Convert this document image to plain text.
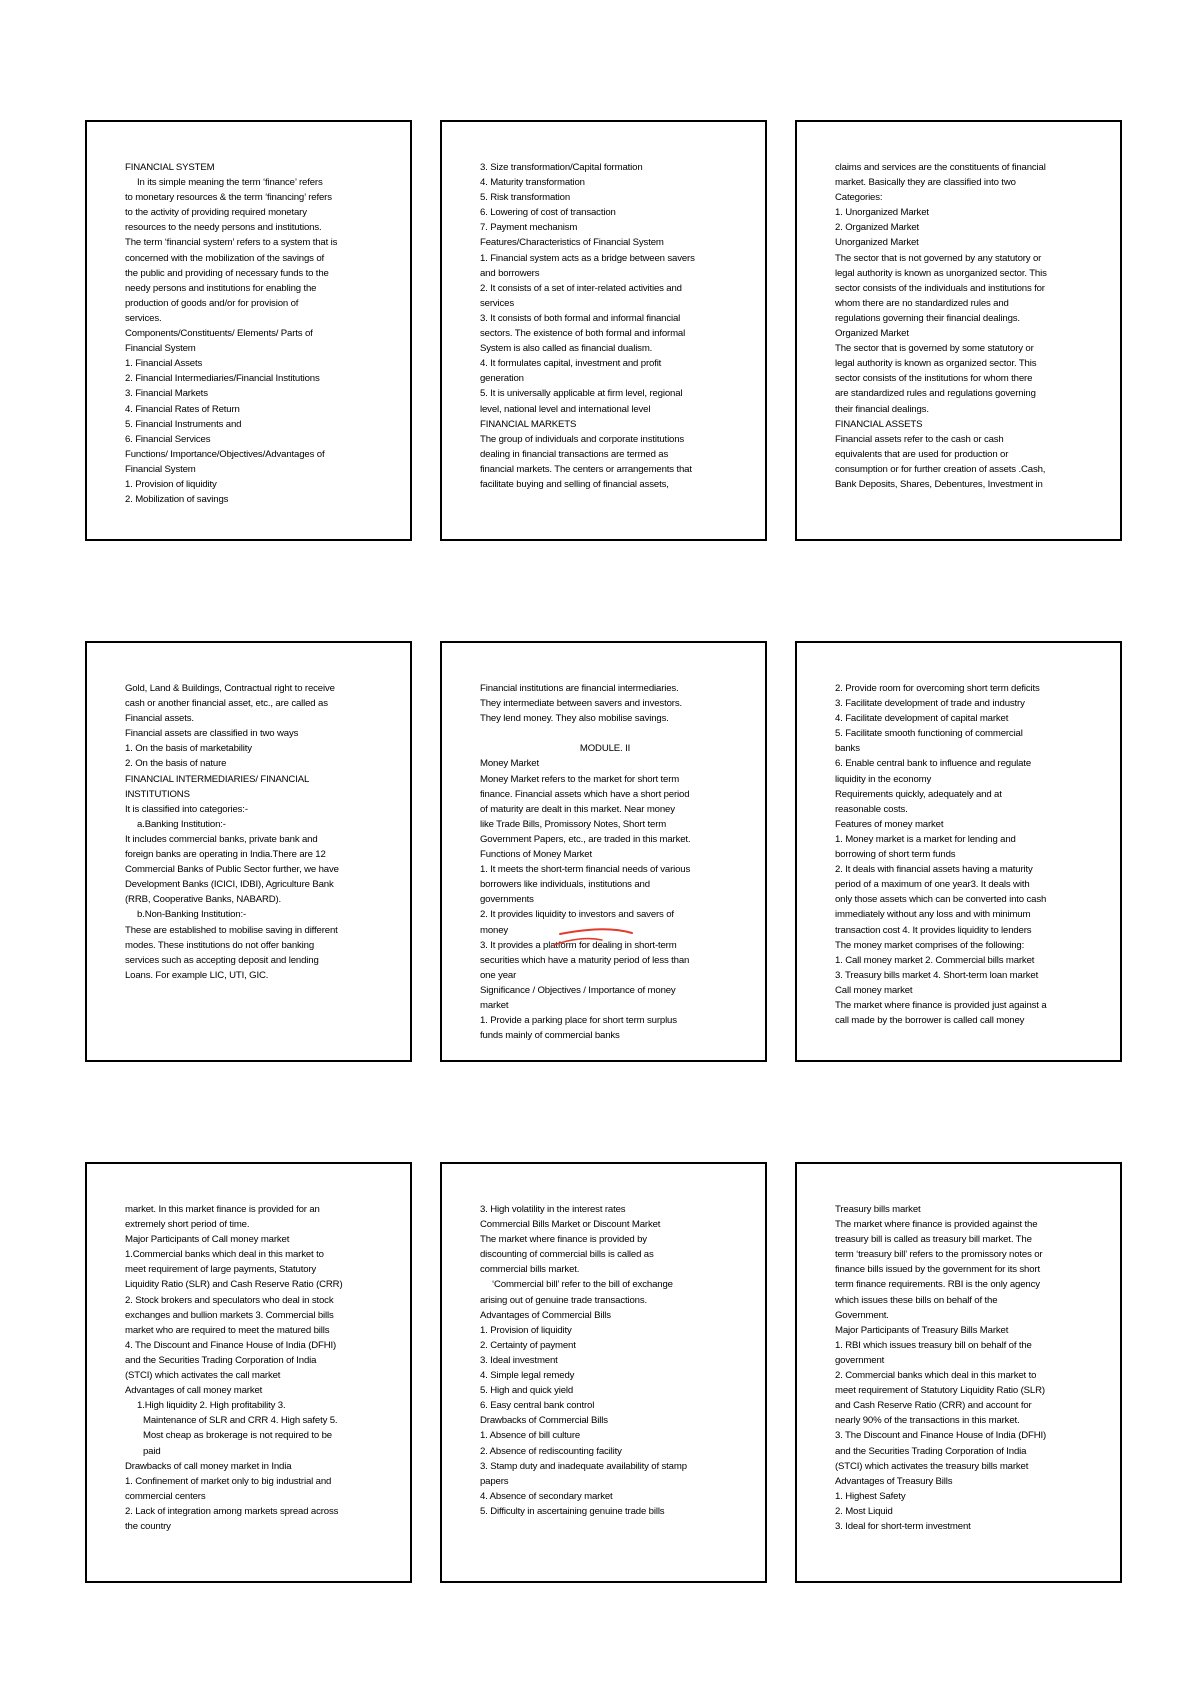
FINANCIAL SYSTEM
In its simple meaning the term ‘finance’ refers
to monetary resources & the term ‘financing’ refers
to the activity of providing required monetary
resources to the needy persons and institutions.
The term ‘financial system’ refers to a system that is
concerned with the mobilization of the savings of
the public and providing of necessary funds to the
needy persons and institutions for enabling the
production of goods and/or for provision of
services.
Components/Constituents/ Elements/ Parts of
Financial System
1. Financial Assets
2. Financial Intermediaries/Financial Institutions
3. Financial Markets
4. Financial Rates of Return
5. Financial Instruments and
6. Financial Services
Functions/ Importance/Objectives/Advantages of
Financial System
1. Provision of liquidity
2. Mobilization of savings
3. Size transformation/Capital formation
4. Maturity transformation
5. Risk transformation
6. Lowering of cost of transaction
7. Payment mechanism
Features/Characteristics of Financial System
1. Financial system acts as a bridge between savers
and borrowers
2. It consists of a set of inter-related activities and
services
3. It consists of both formal and informal financial
sectors. The existence of both formal and informal
System is also called as financial dualism.
4. It formulates capital, investment and profit
generation
5. It is universally applicable at firm level, regional
level, national level and international level
FINANCIAL MARKETS
The group of individuals and corporate institutions
dealing in financial transactions are termed as
financial markets. The centers or arrangements that
facilitate buying and selling of financial assets,
claims and services are the constituents of financial
market. Basically they are classified into two
Categories:
1. Unorganized Market
2. Organized Market
Unorganized Market
The sector that is not governed by any statutory or
legal authority is known as unorganized sector. This
sector consists of the individuals and institutions for
whom there are no standardized rules and
regulations governing their financial dealings.
Organized Market
The sector that is governed by some statutory or
legal authority is known as organized sector. This
sector consists of the institutions for whom there
are standardized rules and regulations governing
their financial dealings.
FINANCIAL ASSETS
Financial assets refer to the cash or cash
equivalents that are used for production or
consumption or for further creation of assets .Cash,
Bank Deposits, Shares, Debentures, Investment in
Gold, Land & Buildings, Contractual right to receive
cash or another financial asset, etc., are called as
Financial assets.
Financial assets are classified in two ways
1. On the basis of marketability
2. On the basis of nature
FINANCIAL INTERMEDIARIES/ FINANCIAL
INSTITUTIONS
It is classified into categories:-
a.Banking Institution:-
It includes commercial banks, private bank and
foreign banks are operating in India.There are 12
Commercial Banks of Public Sector further, we have
Development Banks (ICICI, IDBI), Agriculture Bank
(RRB, Cooperative Banks, NABARD).
b.Non-Banking Institution:-
These are established to mobilise saving in different
modes. These institutions do not offer banking
services such as accepting deposit and lending
Loans. For example LIC, UTI, GIC.
Financial institutions are financial intermediaries.
They intermediate between savers and investors.
They lend money. They also mobilise savings.

MODULE. II
Money Market
Money Market refers to the market for short term
finance. Financial assets which have a short period
of maturity are dealt in this market. Near money
like Trade Bills, Promissory Notes, Short term
Government Papers, etc., are traded in this market.
Functions of Money Market
1. It meets the short-term financial needs of various
borrowers like individuals, institutions and
governments
2. It provides liquidity to investors and savers of
money
3. It provides a platform for dealing in short-term
securities which have a maturity period of less than
one year
Significance / Objectives / Importance of money
market
1. Provide a parking place for short term surplus
funds mainly of commercial banks
2. Provide room for overcoming short term deficits
3. Facilitate development of trade and industry
4. Facilitate development of capital market
5. Facilitate smooth functioning of commercial
banks
6. Enable central bank to influence and regulate
liquidity in the economy
Requirements quickly, adequately and at
reasonable costs.
Features of money market
1. Money market is a market for lending and
borrowing of short term funds
2. It deals with financial assets having a maturity
period of a maximum of one year3. It deals with
only those assets which can be converted into cash
immediately without any loss and with minimum
transaction cost 4. It provides liquidity to lenders
The money market comprises of the following:
1. Call money market 2. Commercial bills market
3. Treasury bills market 4. Short-term loan market
Call money market
The market where finance is provided just against a
call made by the borrower is called call money
market. In this market finance is provided for an
extremely short period of time.
Major Participants of Call money market
1.Commercial banks which deal in this market to
meet requirement of large payments, Statutory
Liquidity Ratio (SLR) and Cash Reserve Ratio (CRR)
2. Stock brokers and speculators who deal in stock
exchanges and bullion markets 3. Commercial bills
market who are required to meet the matured bills
4. The Discount and Finance House of India (DFHI)
and the Securities Trading Corporation of India
(STCI) which activates the call market
Advantages of call money market
1.High liquidity 2. High profitability 3.
Maintenance of SLR and CRR 4. High safety 5.
Most cheap as brokerage is not required to be
paid
Drawbacks of call money market in India
1. Confinement of market only to big industrial and
commercial centers
2. Lack of integration among markets spread across
the country
3. High volatility in the interest rates
Commercial Bills Market or Discount Market
The market where finance is provided by
discounting of commercial bills is called as
commercial bills market.
‘Commercial bill’ refer to the bill of exchange
arising out of genuine trade transactions.
Advantages of Commercial Bills
1. Provision of liquidity
2. Certainty of payment
3. Ideal investment
4. Simple legal remedy
5. High and quick yield
6. Easy central bank control
Drawbacks of Commercial Bills
1. Absence of bill culture
2. Absence of rediscounting facility
3. Stamp duty and inadequate availability of stamp
papers
4. Absence of secondary market
5. Difficulty in ascertaining genuine trade bills
Treasury bills market
The market where finance is provided against the
treasury bill is called as treasury bill market. The
term ‘treasury bill’ refers to the promissory notes or
finance bills issued by the government for its short
term finance requirements. RBI is the only agency
which issues these bills on behalf of the
Government.
Major Participants of Treasury Bills Market
1. RBI which issues treasury bill on behalf of the
government
2. Commercial banks which deal in this market to
meet requirement of Statutory Liquidity Ratio (SLR)
and Cash Reserve Ratio (CRR) and account for
nearly 90% of the transactions in this market.
3. The Discount and Finance House of India (DFHI)
and the Securities Trading Corporation of India
(STCI) which activates the treasury bills market
Advantages of Treasury Bills
1. Highest Safety
2. Most Liquid
3. Ideal for short-term investment
